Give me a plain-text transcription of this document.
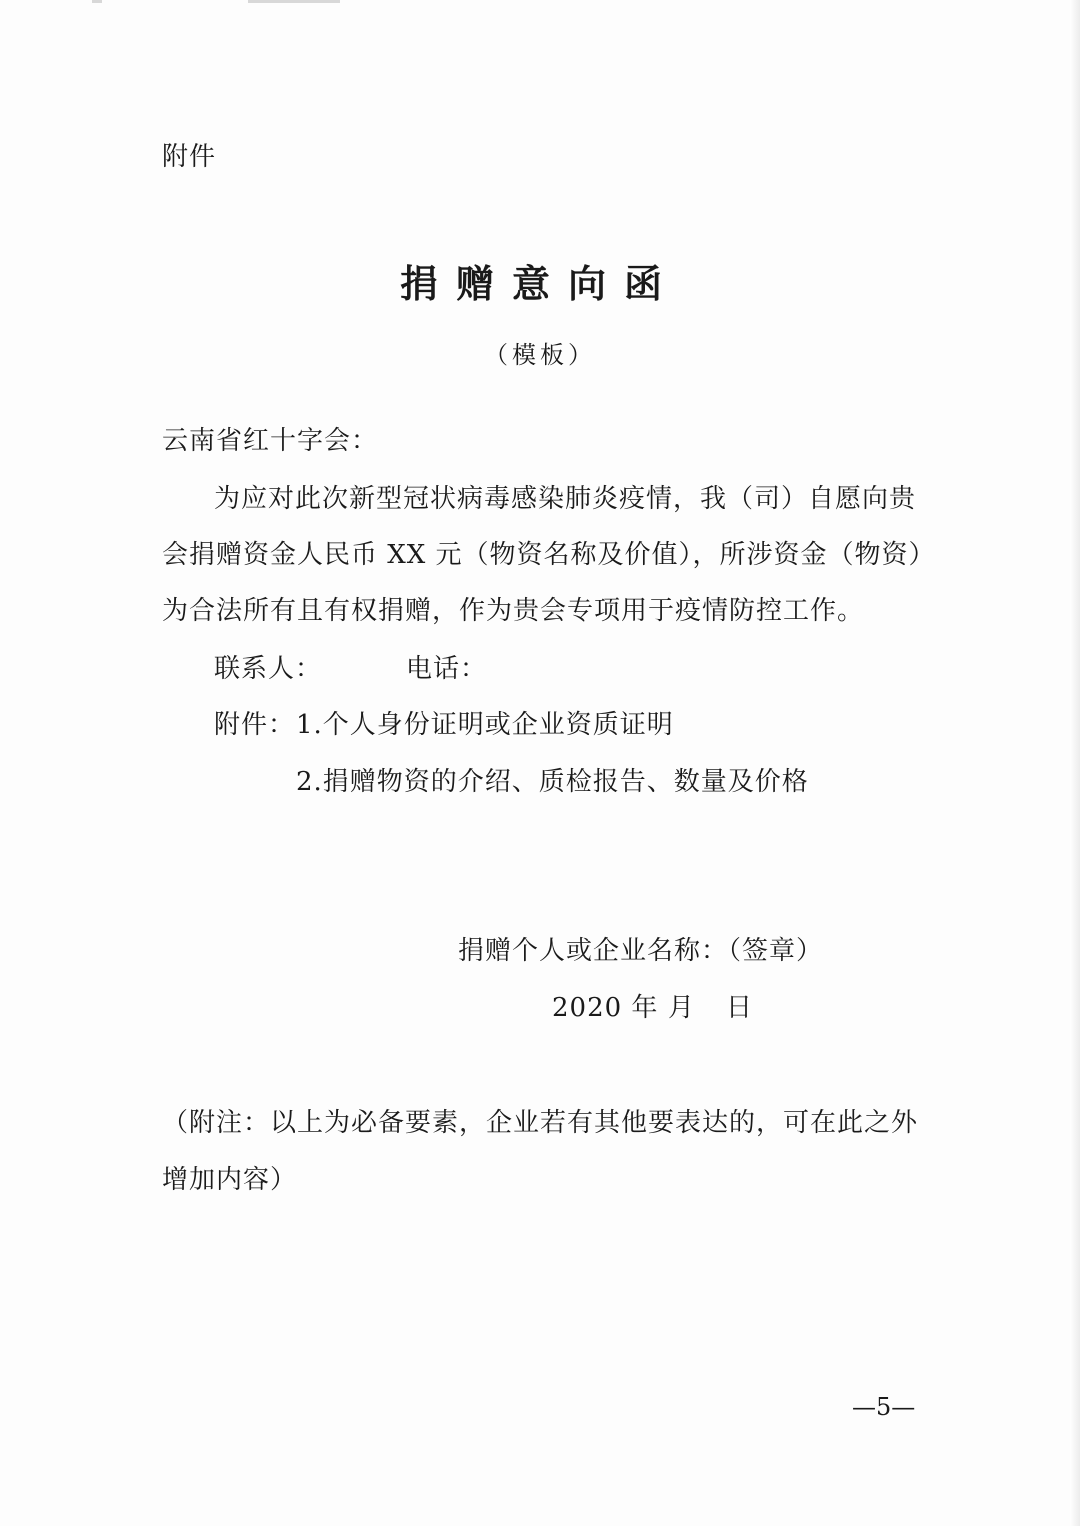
附件
捐赠意向函
（模板）
云南省红十字会：
为应对此次新型冠状病毒感染肺炎疫情，我（司）自愿向贵
会捐赠资金人民币 XX 元（物资名称及价值），所涉资金（物资）
为合法所有且有权捐赠，作为贵会专项用于疫情防控工作。
联系人：	电话：
附件： 1.个人身份证明或企业资质证明
2.捐赠物资的介绍、质检报告、数量及价格
捐赠个人或企业名称：（签章）
2020 年 月 日
（附注：以上为必备要素，企业若有其他要表达的，可在此之外
增加内容）
—5—
